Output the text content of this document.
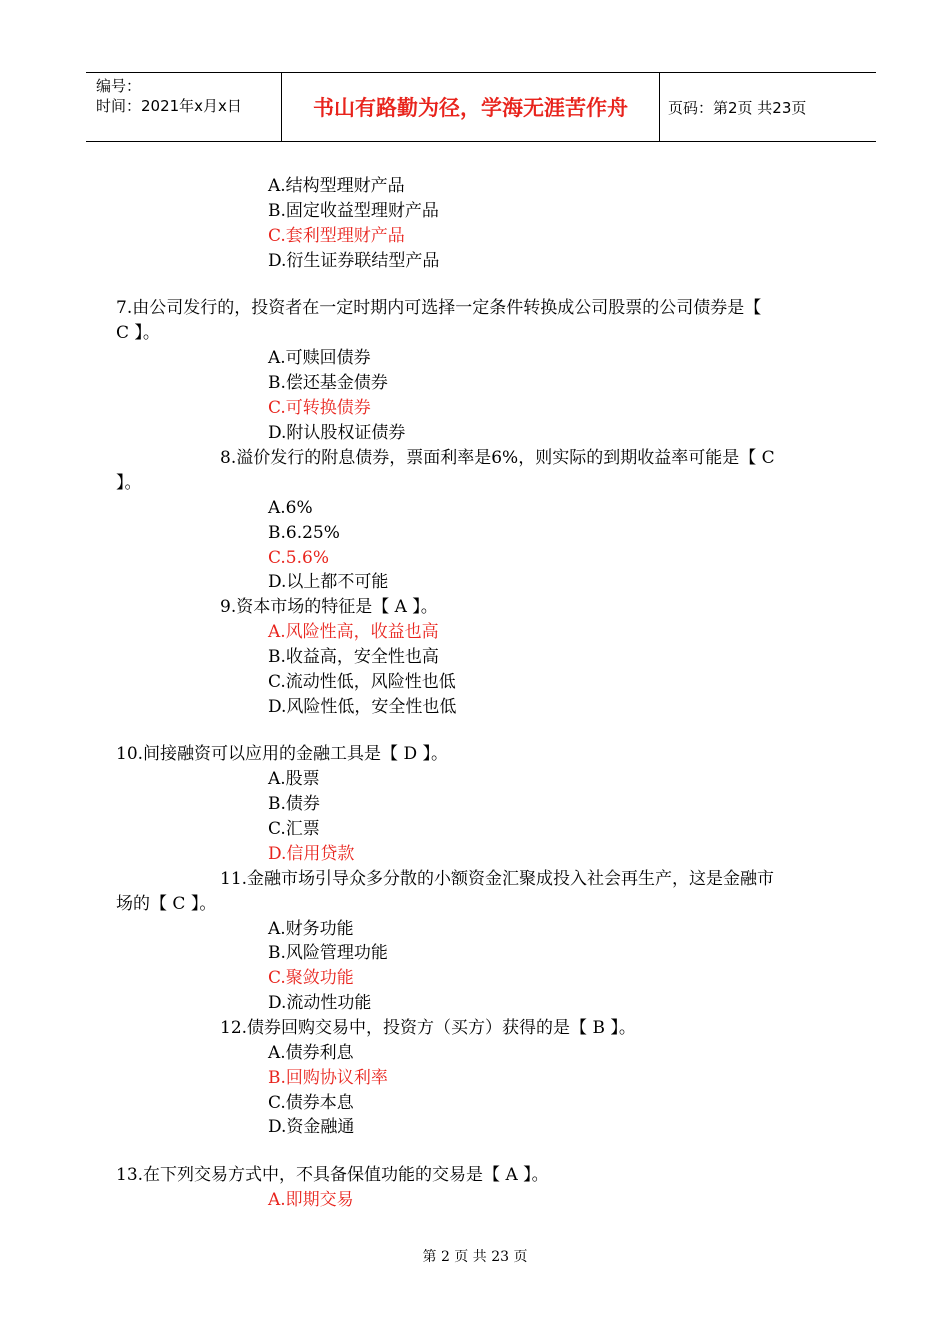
编号：
时间：2021年x月x日	书山有路勤为径，学海无涯苦作舟	页码：第2页 共23页
A.结构型理财产品
B.固定收益型理财产品
C.套利型理财产品
D.衍生证券联结型产品
7.由公司发行的，投资者在一定时期内可选择一定条件转换成公司股票的公司债券是【
C 】。
A.可赎回债券
B.偿还基金债券
C.可转换债券
D.附认股权证债券
8.溢价发行的附息债券，票面利率是6%，则实际的到期收益率可能是【 C
】。
A.6%
B.6.25%
C.5.6%
D.以上都不可能
9.资本市场的特征是【 A 】。
A.风险性高，收益也高
B.收益高，安全性也高
C.流动性低，风险性也低
D.风险性低，安全性也低
10.间接融资可以应用的金融工具是【 D 】。
A.股票
B.债券
C.汇票
D.信用贷款
11.金融市场引导众多分散的小额资金汇聚成投入社会再生产，这是金融市
场的【 C 】。
A.财务功能
B.风险管理功能
C.聚敛功能
D.流动性功能
12.债券回购交易中，投资方（买方）获得的是【 B 】。
A.债券利息
B.回购协议利率
C.债券本息
D.资金融通
13.在下列交易方式中，不具备保值功能的交易是【 A 】。
A.即期交易
第 2 页 共 23 页
